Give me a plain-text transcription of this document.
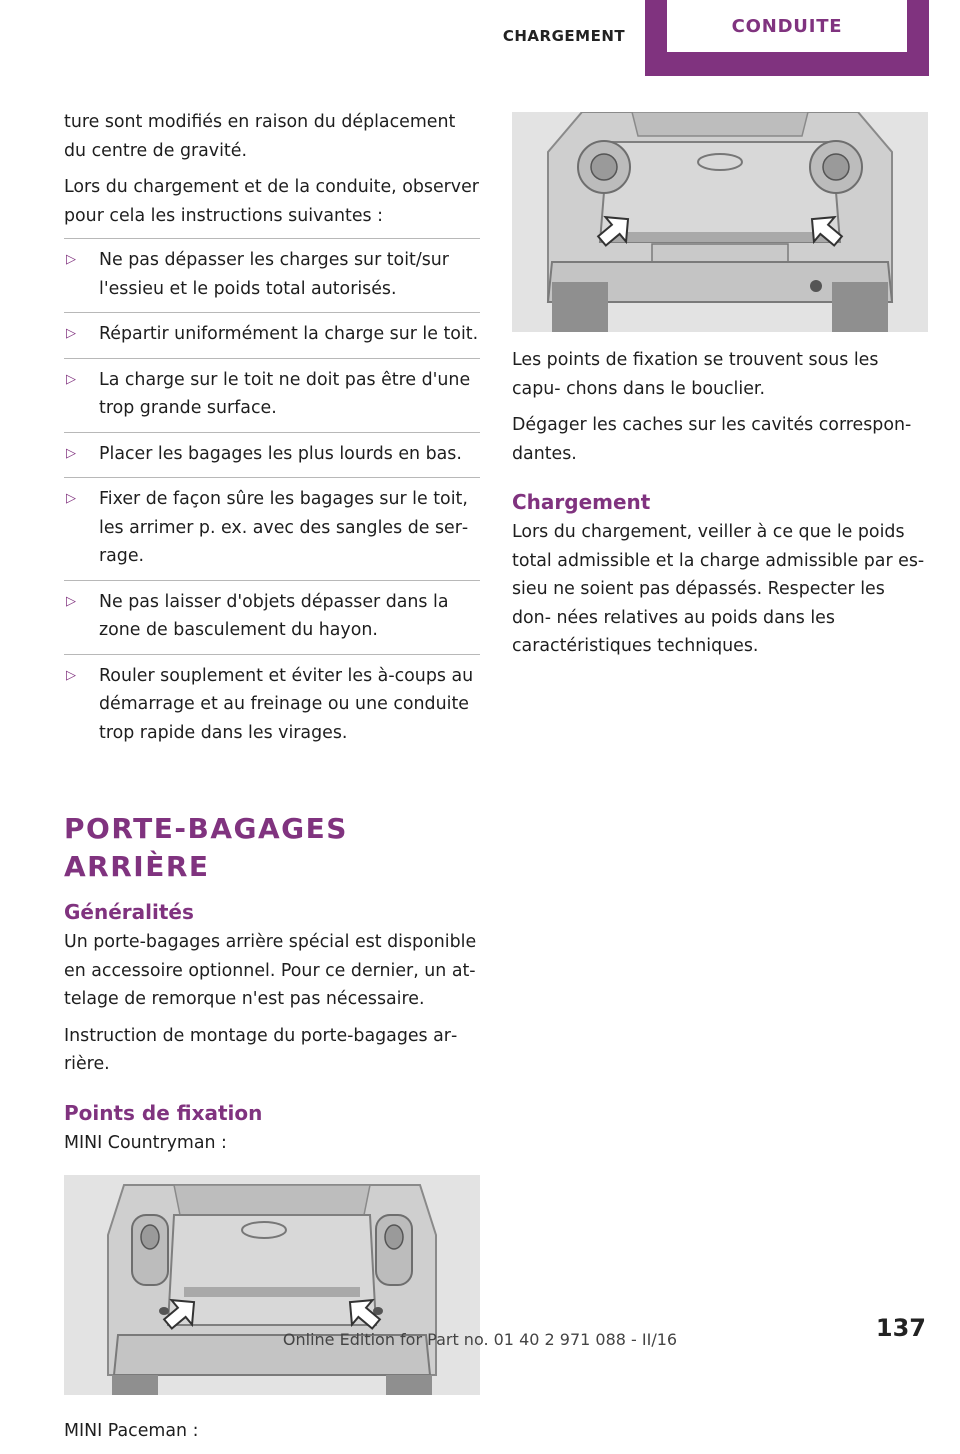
CHARGEMENT	CONDUITE

ture sont modifiés en raison du déplacement du centre de gravité.

Lors du chargement et de la conduite, observer pour cela les instructions suivantes :

▷ Ne pas dépasser les charges sur toit/sur l'essieu et le poids total autorisés.
▷ Répartir uniformément la charge sur le toit.
▷ La charge sur le toit ne doit pas être d'une trop grande surface.
▷ Placer les bagages les plus lourds en bas.
▷ Fixer de façon sûre les bagages sur le toit, les arrimer p. ex. avec des sangles de ser‐ rage.
▷ Ne pas laisser d'objets dépasser dans la zone de basculement du hayon.
▷ Rouler souplement et éviter les à-coups au démarrage et au freinage ou une conduite trop rapide dans les virages.
PORTE-BAGAGES ARRIÈRE
Généralités

Un porte-bagages arrière spécial est disponible en accessoire optionnel. Pour ce dernier, un at‐ telage de remorque n'est pas nécessaire.

Instruction de montage du porte-bagages ar‐ rière.

Points de fixation

MINI Countryman :

MINI Paceman :

Les points de fixation se trouvent sous les capu‐ chons dans le bouclier.

Dégager les caches sur les cavités correspon‐ dantes.

Chargement

Lors du chargement, veiller à ce que le poids total admissible et la charge admissible par es‐ sieu ne soient pas dépassés. Respecter les don‐ nées relatives au poids dans les caractéristiques techniques.

Online Edition for Part no. 01 40 2 971 088 - II/16	137
